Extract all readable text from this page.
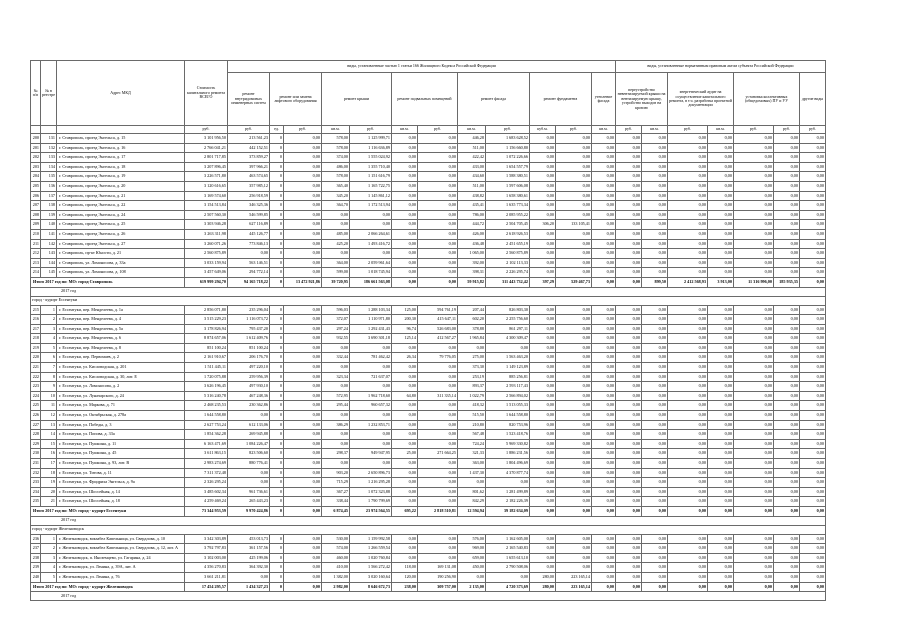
№ п/п	№ в реестре	Адрес МКД	Стоимость капитального ремонта ВСЕГО	виды, установленные частью 1 статьи 166 Жилищного Кодекса Российской Федерации												виды, установленные нормативным правовым актом субъекта Российской Федерации						
				ремонт внутридомовых инженерных систем	ремонт или замена лифтового оборудования		ремонт крыши		ремонт подвальных помещений		ремонт фасада		ремонт фундамента		утепление фасада	переустройство невентилируемой крыши на вентилируемую крышу, устройство выходов на кровлю		энергетический аудит на осуществление капитального ремонта, в т.ч. разработка проектной документации		установка коллективных (общедомовых) ПУ и УУ		другие виды
			руб.	руб.	ед.	руб.	кв.м.	руб.	кв.м.	руб.	кв.м.	руб.	куб.м.	руб.	кв.м.	руб.	кв.м.	руб.	кв.м.	руб.	руб.	руб.
200	131	г. Ставрополь, проезд Энгельса, д. 15	3 101 956,50	213 561,23	0	0,00	578,00	1 125 999,71	0,00	0,00	446,28	1 683 628,52	0,00	0,00	0,00	0,00	0,00	0,00	0,00	0,00	0,00	0,00
201	132	г. Ставрополь, проезд Энгельса, д. 16	2 766 041,21	442 152,51	0	0,00	578,00	1 116 636,89	0,00	0,00	511,00	1 156 660,80	0,00	0,00	0,00	0,00	0,00	0,00	0,00	0,00	0,00	0,00
202	133	г. Ставрополь, проезд Энгельса, д. 17	2 801 717,85	373 859,27	0	0,00	374,00	1 555 024,92	0,00	0,00	422,42	1 072 226,66	0,00	0,00	0,00	0,00	0,00	0,00	0,00	0,00	0,00	0,00
203	134	г. Ставрополь, проезд Энгельса, д. 18	3 207 896,45	397 966,21	0	0,00	486,00	1 355 710,40	0,00	0,00	433,00	1 654 557,79	0,00	0,00	0,00	0,00	0,00	0,00	0,00	0,00	0,00	0,00
204	135	г. Ставрополь, проезд Энгельса, д. 19	3 226 571,80	463 574,65	0	0,00	578,00	1 151 616,79	0,00	0,00	434,60	1 588 380,51	0,00	0,00	0,00	0,00	0,00	0,00	0,00	0,00	0,00	0,00
205	136	г. Ставрополь, проезд Энгельса, д. 20	3 120 616,65	357 985,12	0	0,00	365,40	1 165 722,75	0,00	0,00	511,00	1 597 606,08	0,00	0,00	0,00	0,00	0,00	0,00	0,00	0,00	0,00	0,00
206	137	г. Ставрополь, проезд Энгельса, д. 21	3 169 574,60	256 918,59	0	0,00	345,20	1 145 861,12	0,00	0,00	438,82	1 658 380,61	0,00	0,00	0,00	0,00	0,00	0,00	0,00	0,00	0,00	0,00
207	138	г. Ставрополь, проезд Энгельса, д. 22	3 154 513,84	346 325,36	0	0,00	364,70	1 172 513,94	0,00	0,00	435,41	1 635 773,34	0,00	0,00	0,00	0,00	0,00	0,00	0,00	0,00	0,00	0,00
208	139	г. Ставрополь, проезд Энгельса, д. 24	2 507 560,30	546 599,85	0	0,00	0,00	0,00	0,00	0,00	786,00	2 085 955,22	0,00	0,00	0,00	0,00	0,00	0,00	0,00	0,00	0,00	0,00
209	140	г. Ставрополь, проезд Энгельса, д. 25	3 303 946,28	627 116,89	0	0,00	0,00	0,00	0,00	0,00	444,72	2 504 705,45	306,20	133 105,41	0,00	0,00	0,00	0,00	0,00	0,00	0,00	0,00
210	141	г. Ставрополь, проезд Энгельса, д. 26	3 263 311,98	445 126,77	0	0,00	485,00	2 066 264,61	0,00	0,00	426,00	2 618 926,53	0,00	0,00	0,00	0,00	0,00	0,00	0,00	0,00	0,00	0,00
211	142	г. Ставрополь, проезд Энгельса, д. 27	3 260 071,26	773 846,13	0	0,00	425,20	1 493 416,72	0,00	0,00	436,48	2 451 655,19	0,00	0,00	0,00	0,00	0,00	0,00	0,00	0,00	0,00	0,00
212	143	г. Ставрополь, пр-кт Юности, д. 21	2 560 875,89	0,00	0	0,00	0,00	0,00	0,00	0,00	1 065,00	2 560 875,89	0,00	0,00	0,00	0,00	0,00	0,00	0,00	0,00	0,00	0,00
213	144	г. Ставрополь, ул. Ломоносова, д. 33а	3 033 159,94	563 146,51	0	0,00	364,00	2 059 961,64	0,00	0,00	392,00	2 102 113,33	0,00	0,00	0,00	0,00	0,00	0,00	0,00	0,00	0,00	0,00
214	145	г. Ставрополь, ул. Ломоносова, д. 108	3 457 649,06	294 772,14	0	0,00	599,00	1 018 745,94	0,00	0,00	398,31	2 226 295,74	0,00	0,00	0,00	0,00	0,00	0,00	0,00	0,00	0,00	0,00
Итого 2017 год по: МО: город Ставрополь			619 999 294,70	94 165 718,22	0	13 472 921,86	39 720,95	186 661 563,08	0,00	0,00	59 915,82	311 443 732,42	397,29	529 467,73	0,00	0,00	899,50	2 412 568,93	3 913,00	11 316 996,00	185 935,35	0,00
2017 год																						
город - курорт Ессентуки																						
215	1	г. Ессентуки, пер. Менделеева, д. 1а	2 856 071,80	235 296,04	0	0,00	596,03	1 288 103,34	125,00	594 761,19	207,44	826 803,30	0,00	0,00	0,00	0,00	0,00	0,00	0,00	0,00	0,00	0,00
216	2	г. Ессентуки, пер. Менделеева, д. 4	3 515 229,23	1 116 073,72	0	0,00	372,07	1 110 971,80	200,30	415 647,11	602,20	2 255 756,60	0,00	0,00	0,00	0,00	0,00	0,00	0,00	0,00	0,00	0,00
217	3	г. Ессентуки, пер. Менделеева, д. 5а	3 178 826,94	795 437,20	0	0,00	297,24	1 292 431,43	96,74	526 683,00	378,88	861 297,11	0,00	0,00	0,00	0,00	0,00	0,00	0,00	0,00	0,00	0,00
218	4	г. Ессентуки, пер. Менделеева, д. 6	8 874 657,06	1 612 409,76	0	0,00	932,55	3 690 301,18	125,14	412 567,27	1 965,84	4 300 309,47	0,00	0,00	0,00	0,00	0,00	0,00	0,00	0,00	0,00	0,00
219	5	г. Ессентуки, пер. Менделеева, д. 8	851 100,24	851 100,24	0	0,00	0,00	0,00	0,00	0,00	0,00	0,00	0,00	0,00	0,00	0,00	0,00	0,00	0,00	0,00	0,00	0,00
220	6	г. Ессентуки, пер. Первомаев, д. 2	2 161 910,67	206 176,70	0	0,00	332,44	781 462,42	26,34	79 776,05	275,00	1 563 463,20	0,00	0,00	0,00	0,00	0,00	0,00	0,00	0,00	0,00	0,00
221	7	г. Ессентуки, ул. Кисловодская, д. 201	1 511 445,11	497 220,10	0	0,00	0,00	0,00	0,00	0,00	373,30	1 149 123,89	0,00	0,00	0,00	0,00	0,00	0,00	0,00	0,00	0,00	0,00
222	8	г. Ессентуки, ул. Кисловодская, д. 30, лит. Е	1 720 075,88	259 956,39	0	0,00	323,34	721 637,07	0,00	0,00	253,19	885 256,81	0,00	0,00	0,00	0,00	0,00	0,00	0,00	0,00	0,00	0,00
223	9	г. Ессентуки, ул. Ломоносова, д. 2	3 626 196,45	497 930,10	0	0,00	0,00	0,00	0,00	0,00	893,37	2 593 117,43	0,00	0,00	0,00	0,00	0,00	0,00	0,00	0,00	0,00	0,00
224	10	г. Ессентуки, ул. Луначарского, д. 24	5 316 240,78	467 248,36	0	0,00	572,95	1 962 718,60	64,80	311 335,14	1 022,79	2 566 894,02	0,00	0,00	0,00	0,00	0,00	0,00	0,00	0,00	0,00	0,00
225	11	г. Ессентуки, ул. Маркова, д. 71	2 468 235,53	230 362,86	0	0,00	295,44	960 657,32	0,00	0,00	418,32	1 513 055,33	0,00	0,00	0,00	0,00	0,00	0,00	0,00	0,00	0,00	0,00
226	12	г. Ессентуки, ул. Октябрьская, д. 278а	1 644 558,80	0,00	0	0,00	0,00	0,00	0,00	0,00	515,50	1 644 558,80	0,00	0,00	0,00	0,00	0,00	0,00	0,00	0,00	0,00	0,00
227	13	г. Ессентуки, ул. Победы, д. 3	2 627 753,24	612 133,06	0	0,00	386,29	1 232 853,71	0,00	0,00	210,80	820 753,96	0,00	0,00	0,00	0,00	0,00	0,00	0,00	0,00	0,00	0,00
228	14	г. Ессентуки, ул. Попова, д. 33а	1 854 362,28	269 945,88	0	0,00	0,00	0,00	0,00	0,00	567,48	1 523 418,76	0,00	0,00	0,00	0,00	0,00	0,00	0,00	0,00	0,00	0,00
229	15	г. Ессентуки, ул. Пушкина, д. 11	6 163 471,69	1 084 226,47	0	0,00	0,00	0,00	0,00	0,00	724,24	5 969 330,82	0,00	0,00	0,00	0,00	0,00	0,00	0,00	0,00	0,00	0,00
230	16	г. Ессентуки, ул. Пушкина, д. 45	3 611 863,15	823 506,60	0	0,00	298,37	949 947,95	25,00	271 664,25	321,33	1 886 231,56	0,00	0,00	0,00	0,00	0,00	0,00	0,00	0,00	0,00	0,00
231	17	г. Ессентуки, ул. Пушкина, д. 93, лит. В	2 983 274,69	880 776,41	0	0,00	0,00	0,00	0,00	0,00	363,00	1 804 496,69	0,00	0,00	0,00	0,00	0,00	0,00	0,00	0,00	0,00	0,00
232	18	г. Ессентуки, ул. Титова, д. 11	7 311 372,48	0,00	0	0,00	903,20	2 650 896,73	0,00	0,00	1 437,30	4 370 877,74	0,00	0,00	0,00	0,00	0,00	0,00	0,00	0,00	0,00	0,00
233	19	г. Ессентуки, ул. Фридриха Энгельса, д. 9а	2 326 295,24	0,00	0	0,00	715,29	1 216 295,28	0,00	0,00	0,00	0,00	0,00	0,00	0,00	0,00	0,00	0,00	0,00	0,00	0,00	0,00
234	20	г. Ессентуки, ул. Шоссейная, д. 14	3 485 602,34	961 736,61	0	0,00	367,27	1 072 323,88	0,00	0,00	801,62	1 281 499,89	0,00	0,00	0,00	0,00	0,00	0,00	0,00	0,00	0,00	0,00
235	21	г. Ессентуки, ул. Шоссейная, д. 18	4 259 469,24	265 443,23	0	0,00	338,44	1 790 799,69	0,00	0,00	842,29	2 182 226,39	0,00	0,00	0,00	0,00	0,00	0,00	0,00	0,00	0,00	0,00
Итого 2017 год по: МО: город - курорт Ессентуки			73 344 953,59	9 970 424,86	0	0,00	6 874,45	23 974 564,55	695,22	2 818 510,81	12 594,94	39 182 634,09	0,00	0,00	0,00	0,00	0,00	0,00	0,00	0,00	0,00	0,00
2017 год																						
город - курорт Железноводск																						
236	1	г. Железноводск, вокзабел Капельница, ул. Свердлова, д. 10	3 342 303,89	453 013,73	0	0,00	530,00	1 159 992,58	0,00	0,00	576,00	1 162 605,00	0,00	0,00	0,00	0,00	0,00	0,00	0,00	0,00	0,00	0,00
237	2	г. Железноводск, вокзабел Капельница, ул. Свердлова, д. 12, лит. А	3 792 797,83	361 157,56	0	0,00	574,00	1 266 559,54	0,00	0,00	969,00	2 165 540,83	0,00	0,00	0,00	0,00	0,00	0,00	0,00	0,00	0,00	0,00
238	3	г. Железноводск, п. Иноземцево, ул. Гагарина, д. 24	3 102 003,00	425 199,06	0	0,00	460,00	1 020 760,84	0,00	0,00	659,00	1 655 613,10	0,00	0,00	0,00	0,00	0,00	0,00	0,00	0,00	0,00	0,00
239	4	г. Железноводск, ул. Ленина, д. 39А, лит. А	4 356 270,83	364 392,30	0	0,00	410,00	1 566 272,42	118,00	169 131,08	450,00	2 790 508,06	0,00	0,00	0,00	0,00	0,00	0,00	0,00	0,00	0,00	0,00
240	5	г. Железноводск, ул. Ленина, д. 76	3 661 211,81	0,00	0	0,00	1 382,00	3 020 160,64	120,00	190 256,90	0,00	0,00	280,00	223 165,14	0,00	0,00	0,00	0,00	0,00	0,00	0,00	0,00
Итого 2017 год по: МО: город - курорт Железноводск			17 454 295,57	1 434 327,23	0	0,00	2 982,00	8 646 672,73	238,00	309 757,00	2 135,00	4 720 373,69	280,00	223 165,14	0,00	0,00	0,00	0,00	0,00	0,00	0,00	0,00
2017 год																						
